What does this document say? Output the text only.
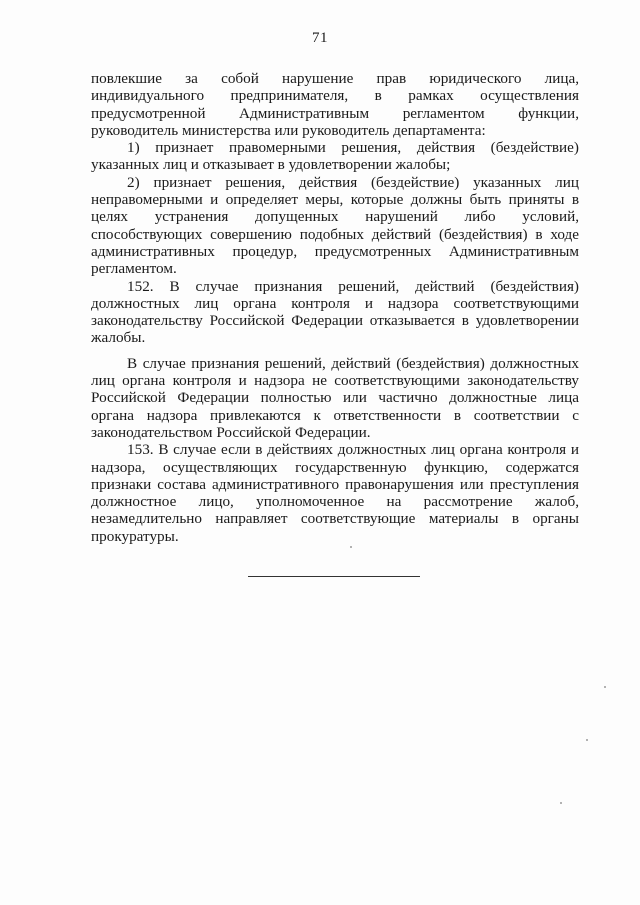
71

повлекшие за собой нарушение прав юридического лица, индивидуального предпринимателя, в рамках осуществления предусмотренной Административным регламентом функции, руководитель министерства или руководитель департамента:

1) признает правомерными решения, действия (бездействие) указанных лиц и отказывает в удовлетворении жалобы;

2) признает решения, действия (бездействие) указанных лиц неправомерными и определяет меры, которые должны быть приняты в целях устранения допущенных нарушений либо условий, способствующих совершению подобных действий (бездействия) в ходе административных процедур, предусмотренных Административным регламентом.

152. В случае признания решений, действий (бездействия) должностных лиц органа контроля и надзора соответствующими законодательству Российской Федерации отказывается в удовлетворении жалобы.

В случае признания решений, действий (бездействия) должностных лиц органа контроля и надзора не соответствующими законодательству Российской Федерации полностью или частично должностные лица органа надзора привлекаются к ответственности в соответствии с законодательством Российской Федерации.

153. В случае если в действиях должностных лиц органа контроля и надзора, осуществляющих государственную функцию, содержатся признаки состава административного правонарушения или преступления должностное лицо, уполномоченное на рассмотрение жалоб, незамедлительно направляет соответствующие материалы в органы прокуратуры.
